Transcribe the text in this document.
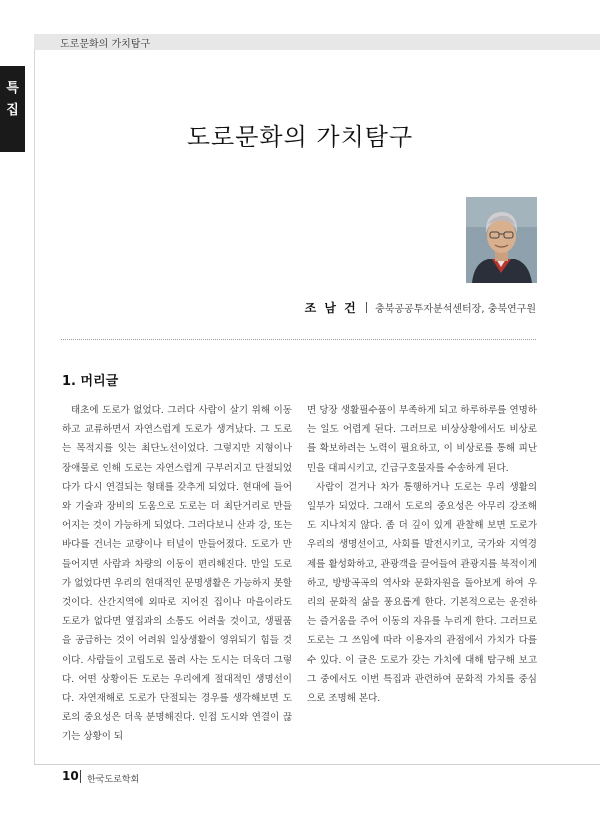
도로문화의 가치탐구
특
집
도로문화의 가치탐구
조 남 건 충북공공투자분석센터장, 충북연구원
1. 머리글

태초에 도로가 없었다. 그러다 사람이 살기 위해 이동하고 교류하면서 자연스럽게 도로가 생겨났다. 그 도로는 목적지를 잇는 최단노선이었다. 그렇지만 지형이나 장애물로 인해 도로는 자연스럽게 구부러지고 단절되었다가 다시 연결되는 형태를 갖추게 되었다. 현대에 들어와 기술과 장비의 도움으로 도로는 더 최단거리로 만들어지는 것이 가능하게 되었다. 그러다보니 산과 강, 또는 바다를 건너는 교량이나 터널이 만들어졌다. 도로가 만들어지면 사람과 차량의 이동이 편리해진다. 만일 도로가 없었다면 우리의 현대적인 문명생활은 가능하지 못할 것이다. 산간지역에 외따로 지어진 집이나 마을이라도 도로가 없다면 옆집과의 소통도 어려울 것이고, 생필품을 공급하는 것이 어려워 일상생활이 영위되기 힘들 것이다. 사람들이 고립도로 몰려 사는 도시는 더욱더 그렇다. 어떤 상황이든 도로는 우리에게 절대적인 생명선이다. 자연재해로 도로가 단절되는 경우를 생각해보면 도로의 중요성은 더욱 분명해진다. 인접 도시와 연결이 끊기는 상황이 되

면 당장 생활필수품이 부족하게 되고 하루하루를 연명하는 일도 어렵게 된다. 그러므로 비상상황에서도 비상로를 확보하려는 노력이 필요하고, 이 비상로를 통해 피난민을 대피시키고, 긴급구호물자를 수송하게 된다.

사람이 걷거나 차가 통행하거나 도로는 우리 생활의 일부가 되었다. 그래서 도로의 중요성은 아무리 강조해도 지나치지 않다. 좀 더 깊이 있게 관찰해 보면 도로가 우리의 생명선이고, 사회를 발전시키고, 국가와 지역경제를 활성화하고, 관광객을 끌어들여 관광지를 북적이게 하고, 방방곡곡의 역사와 문화자원을 돌아보게 하여 우리의 문화적 삶을 풍요롭게 한다. 기본적으로는 운전하는 즐거움을 주어 이동의 자유를 누리게 한다. 그러므로 도로는 그 쓰임에 따라 이용자의 관점에서 가치가 다를 수 있다. 이 글은 도로가 갖는 가치에 대해 탐구해 보고 그 중에서도 이번 특집과 관련하여 문화적 가치를 중심으로 조명해 본다.

10 한국도로학회
